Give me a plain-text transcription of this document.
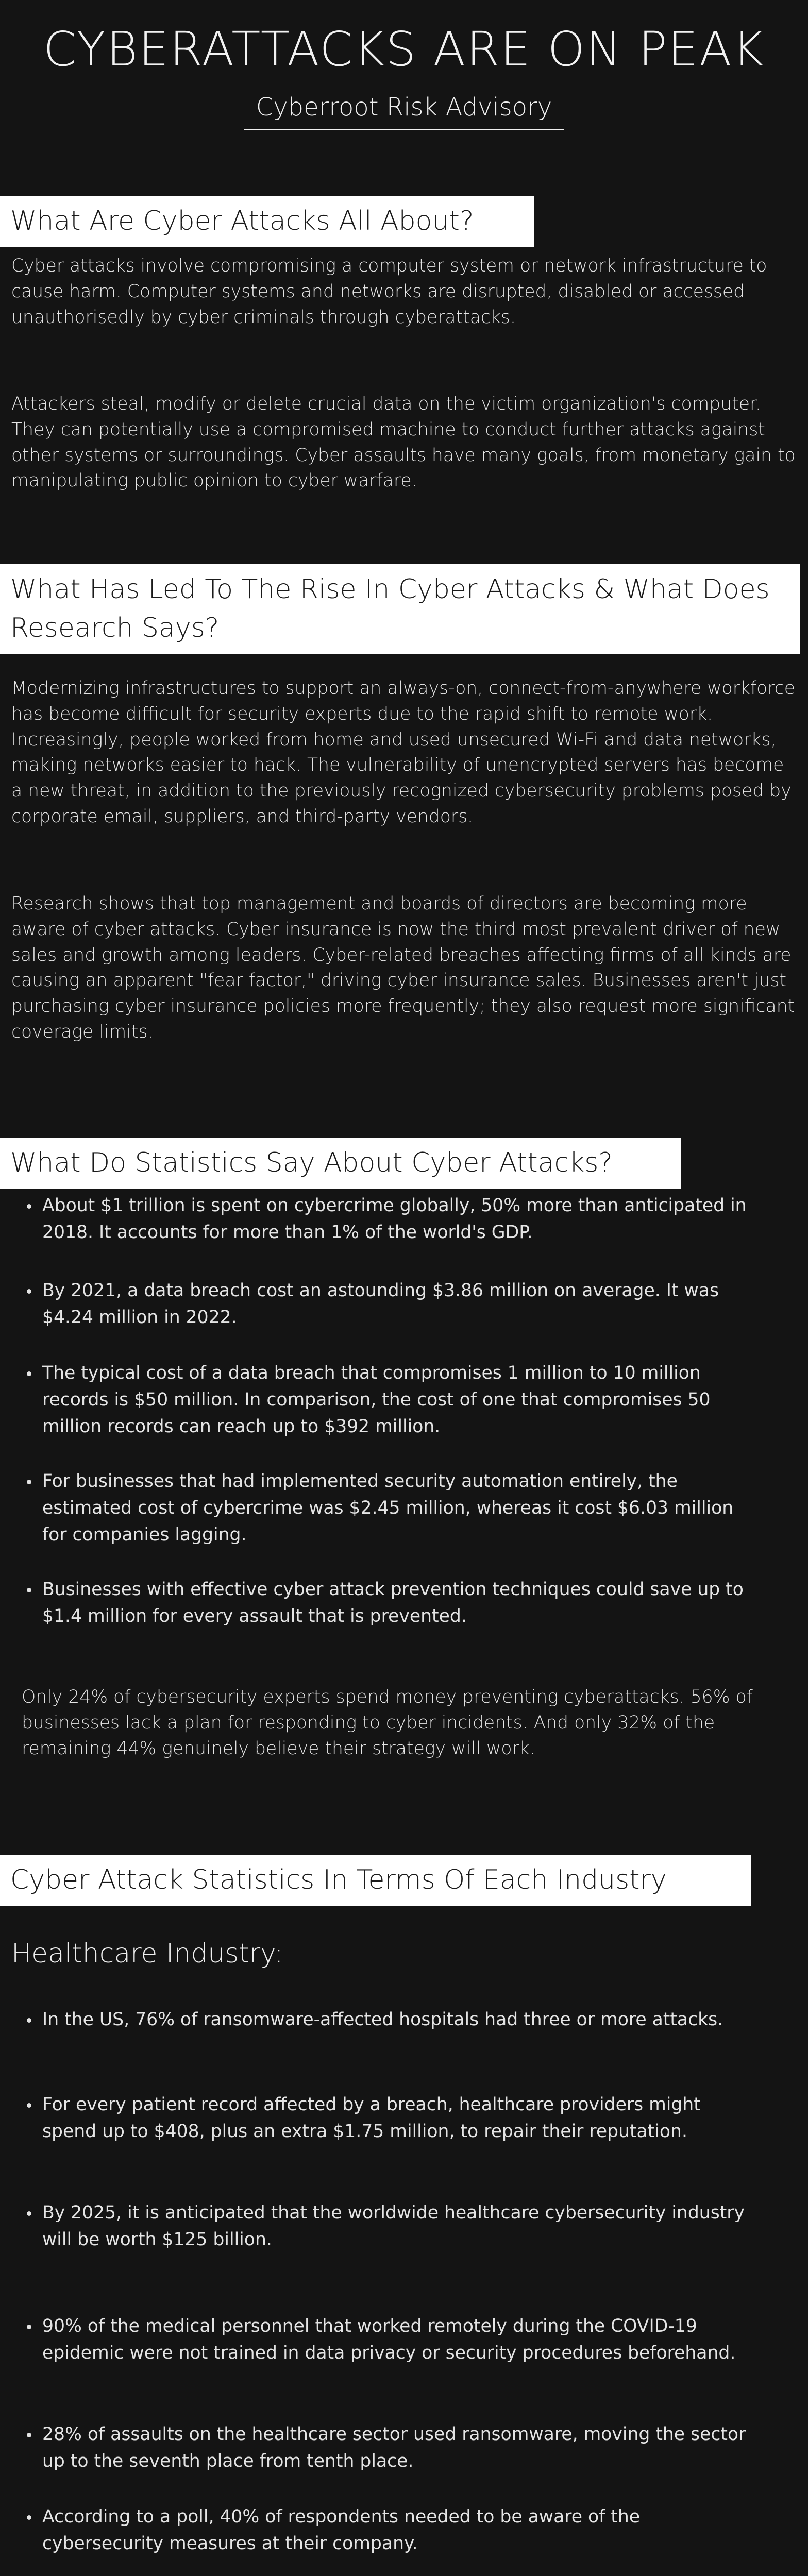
CYBERATTACKS ARE ON PEAK
Cyberroot Risk Advisory
What Are Cyber Attacks All About?

Cyber attacks involve compromising a computer system or network infrastructure to cause harm. Computer systems and networks are disrupted, disabled or accessed unauthorisedly by cyber criminals through cyberattacks.

Attackers steal, modify or delete crucial data on the victim organization's computer. They can potentially use a compromised machine to conduct further attacks against other systems or surroundings. Cyber assaults have many goals, from monetary gain to manipulating public opinion to cyber warfare.

What Has Led To The Rise In Cyber Attacks & What Does Research Says?

Modernizing infrastructures to support an always-on, connect-from-anywhere workforce has become difficult for security experts due to the rapid shift to remote work. Increasingly, people worked from home and used unsecured Wi-Fi and data networks, making networks easier to hack. The vulnerability of unencrypted servers has become a new threat, in addition to the previously recognized cybersecurity problems posed by corporate email, suppliers, and third-party vendors.

Research shows that top management and boards of directors are becoming more aware of cyber attacks. Cyber insurance is now the third most prevalent driver of new sales and growth among leaders. Cyber-related breaches affecting firms of all kinds are causing an apparent "fear factor," driving cyber insurance sales. Businesses aren't just purchasing cyber insurance policies more frequently; they also request more significant coverage limits.

What Do Statistics Say About Cyber Attacks?
About $1 trillion is spent on cybercrime globally, 50% more than anticipated in 2018. It accounts for more than 1% of the world's GDP.
By 2021, a data breach cost an astounding $3.86 million on average. It was $4.24 million in 2022.
The typical cost of a data breach that compromises 1 million to 10 million records is $50 million. In comparison, the cost of one that compromises 50 million records can reach up to $392 million.
For businesses that had implemented security automation entirely, the estimated cost of cybercrime was $2.45 million, whereas it cost $6.03 million for companies lagging.
Businesses with effective cyber attack prevention techniques could save up to $1.4 million for every assault that is prevented.

Only 24% of cybersecurity experts spend money preventing cyberattacks. 56% of businesses lack a plan for responding to cyber incidents. And only 32% of the remaining 44% genuinely believe their strategy will work.

Cyber Attack Statistics In Terms Of Each Industry
Healthcare Industry:
In the US, 76% of ransomware-affected hospitals had three or more attacks.
For every patient record affected by a breach, healthcare providers might spend up to $408, plus an extra $1.75 million, to repair their reputation.
By 2025, it is anticipated that the worldwide healthcare cybersecurity industry will be worth $125 billion.
90% of the medical personnel that worked remotely during the COVID-19 epidemic were not trained in data privacy or security procedures beforehand.
28% of assaults on the healthcare sector used ransomware, moving the sector up to the seventh place from tenth place.
According to a poll, 40% of respondents needed to be aware of the cybersecurity measures at their company.
